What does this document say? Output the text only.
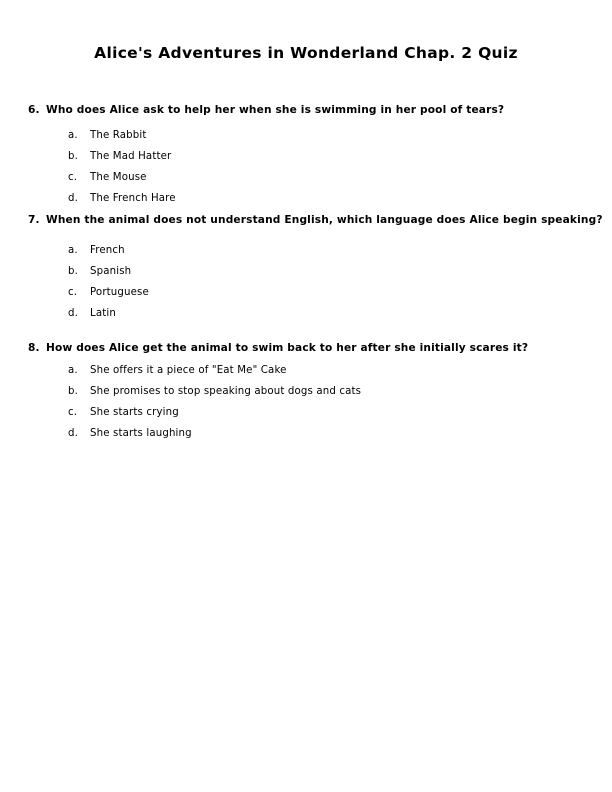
Alice's Adventures in Wonderland Chap. 2 Quiz
6. Who does Alice ask to help her when she is swimming in her pool of tears?
a.	The Rabbit
b.	The Mad Hatter
c.	The Mouse
d.	The French Hare
7. When the animal does not understand English, which language does Alice begin speaking?
a.	French
b.	Spanish
c.	Portuguese
d.	Latin
8. How does Alice get the animal to swim back to her after she initially scares it?
a.	She offers it a piece of "Eat Me" Cake
b.	She promises to stop speaking about dogs and cats
c.	She starts crying
d.	She starts laughing
